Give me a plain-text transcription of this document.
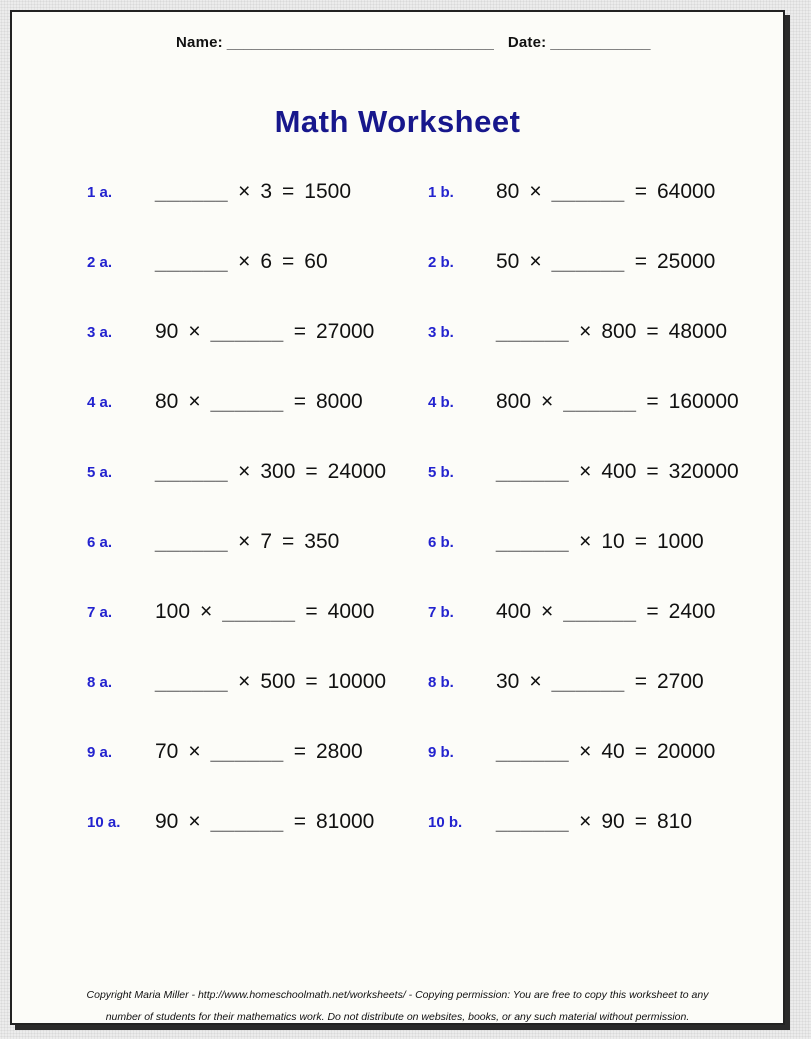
Name: ________________________________ Date: ____________
Math Worksheet
1 a.	______ × 3 = 1500	1 b.	80 × ______ = 64000
2 a.	______ × 6 = 60	2 b.	50 × ______ = 25000
3 a.	90 × ______ = 27000	3 b.	______ × 800 = 48000
4 a.	80 × ______ = 8000	4 b.	800 × ______ = 160000
5 a.	______ × 300 = 24000	5 b.	______ × 400 = 320000
6 a.	______ × 7 = 350	6 b.	______ × 10 = 1000
7 a.	100 × ______ = 4000	7 b.	400 × ______ = 2400
8 a.	______ × 500 = 10000	8 b.	30 × ______ = 2700
9 a.	70 × ______ = 2800	9 b.	______ × 40 = 20000
10 a.	90 × ______ = 81000	10 b.	______ × 90 = 810
Copyright Maria Miller - http://www.homeschoolmath.net/worksheets/ - Copying permission: You are free to copy this worksheet to any
number of students for their mathematics work. Do not distribute on websites, books, or any such material without permission.
